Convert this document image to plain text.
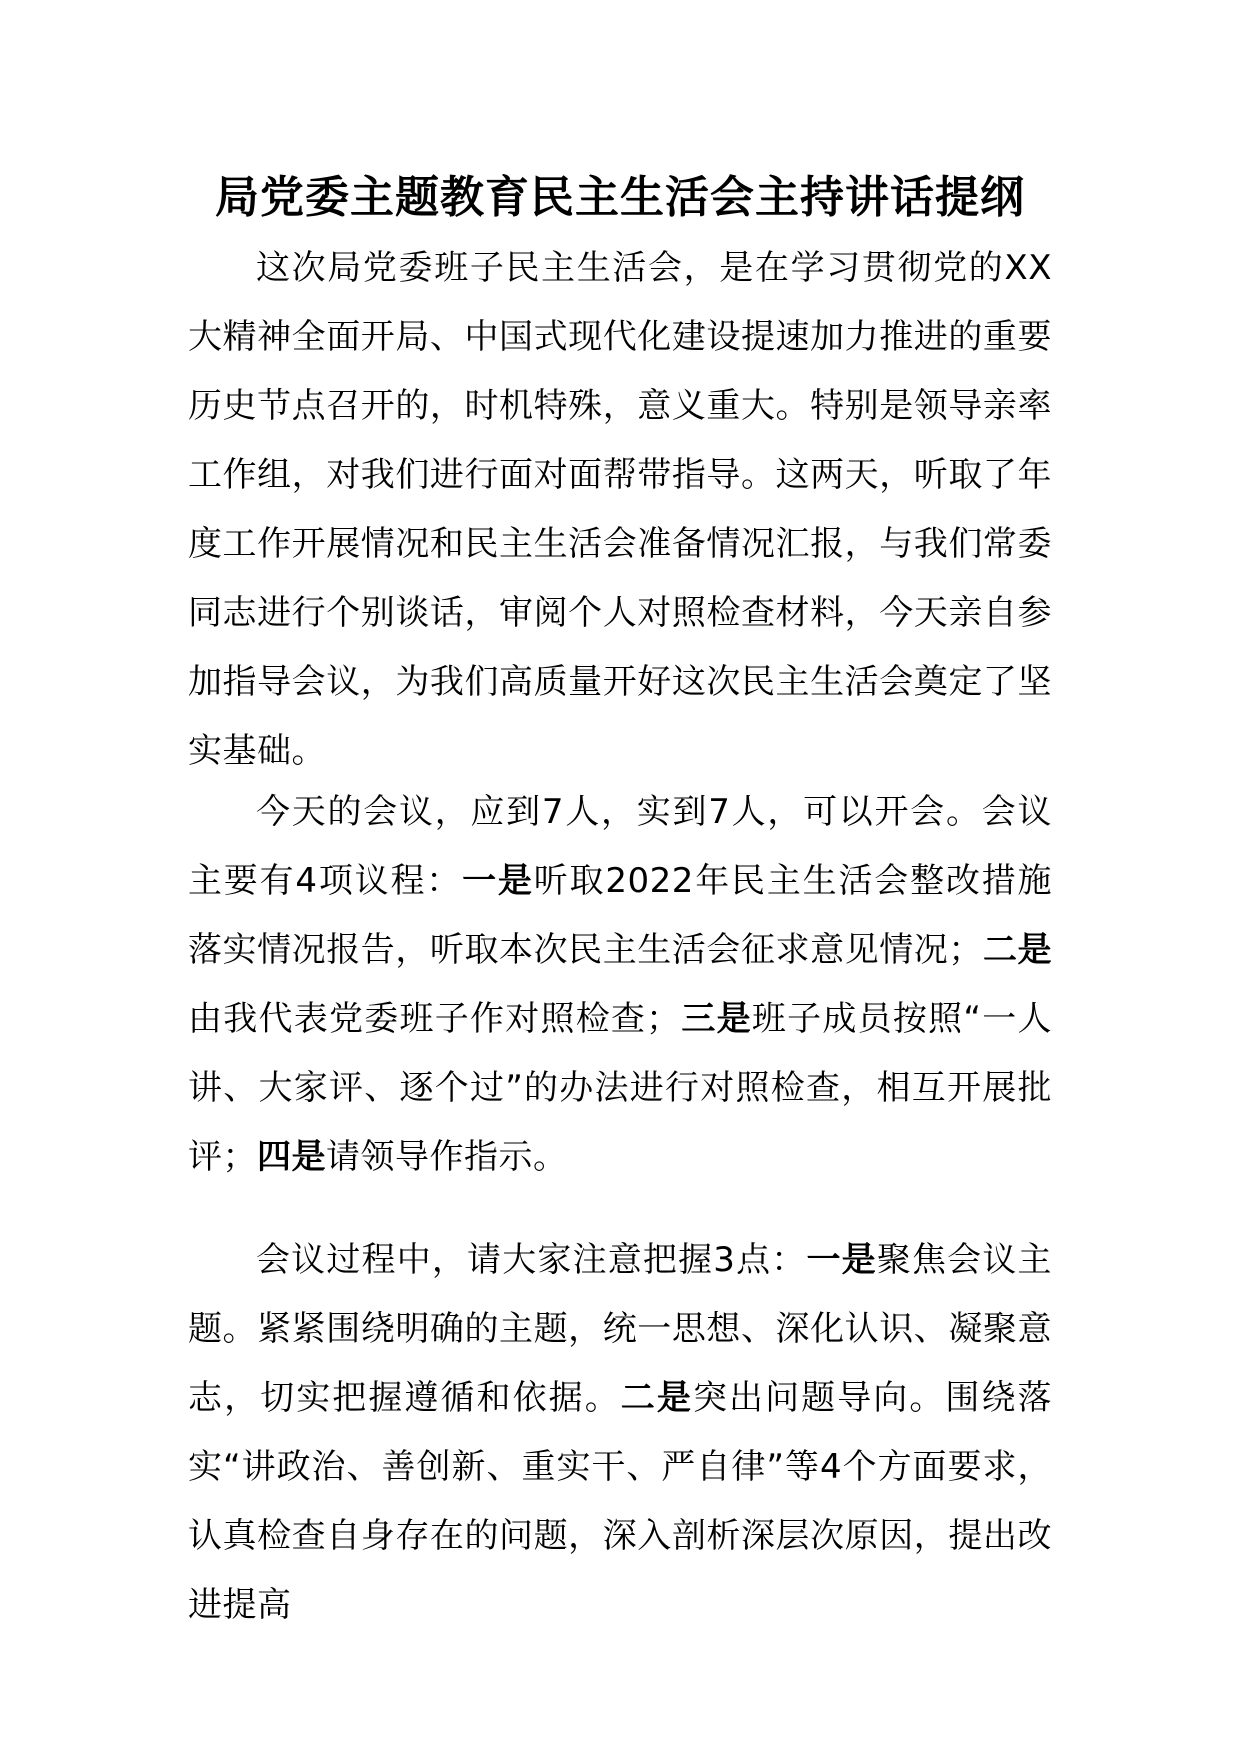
局党委主题教育民主生活会主持讲话提纲

这次局党委班子民主生活会，是在学习贯彻党的XX大精神全面开局、中国式现代化建设提速加力推进的重要历史节点召开的，时机特殊，意义重大。特别是领导亲率工作组，对我们进行面对面帮带指导。这两天，听取了年度工作开展情况和民主生活会准备情况汇报，与我们常委同志进行个别谈话，审阅个人对照检查材料，今天亲自参加指导会议，为我们高质量开好这次民主生活会奠定了坚实基础。

今天的会议，应到7人，实到7人，可以开会。会议主要有4项议程：一是听取2022年民主生活会整改措施落实情况报告，听取本次民主生活会征求意见情况；二是由我代表党委班子作对照检查；三是班子成员按照“一人讲、大家评、逐个过”的办法进行对照检查，相互开展批评；四是请领导作指示。

会议过程中，请大家注意把握3点：一是聚焦会议主题。紧紧围绕明确的主题，统一思想、深化认识、凝聚意志，切实把握遵循和依据。二是突出问题导向。围绕落实“讲政治、善创新、重实干、严自律”等4个方面要求，认真检查自身存在的问题，深入剖析深层次原因，提出改进提高
